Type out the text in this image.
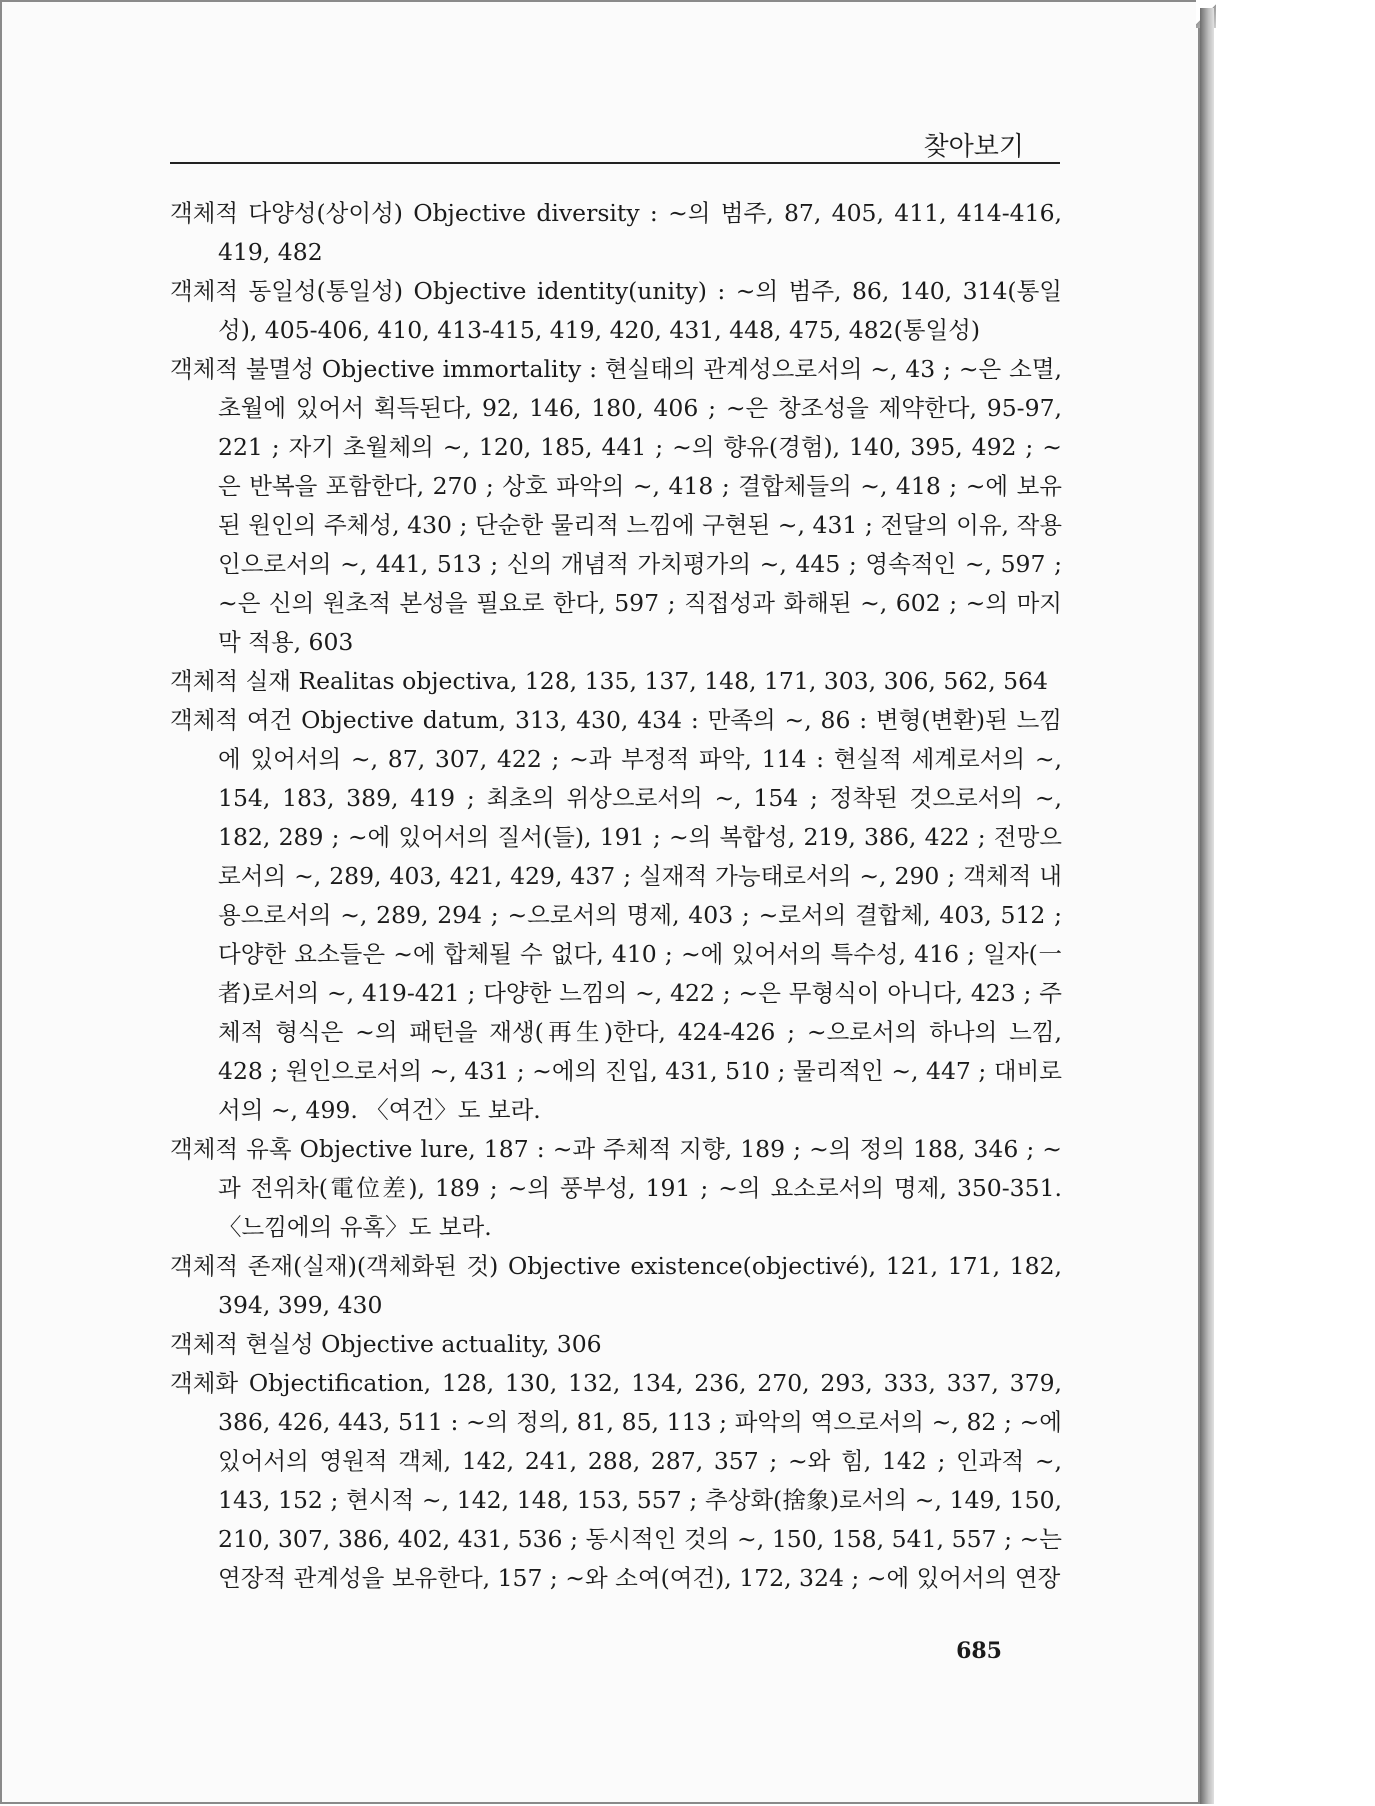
찾아보기

객체적 다양성(상이성) Objective diversity : ∼의 범주, 87, 405, 411, 414-416, 419, 482

객체적 동일성(통일성) Objective identity(unity) : ∼의 범주, 86, 140, 314(통일성), 405-406, 410, 413-415, 419, 420, 431, 448, 475, 482(통일성)

객체적 불멸성 Objective immortality : 현실태의 관계성으로서의 ∼, 43 ; ∼은 소멸, 초월에 있어서 획득된다, 92, 146, 180, 406 ; ∼은 창조성을 제약한다, 95-97, 221 ; 자기 초월체의 ∼, 120, 185, 441 ; ∼의 향유(경험), 140, 395, 492 ; ∼은 반복을 포함한다, 270 ; 상호 파악의 ∼, 418 ; 결합체들의 ∼, 418 ; ∼에 보유된 원인의 주체성, 430 ; 단순한 물리적 느낌에 구현된 ∼, 431 ; 전달의 이유, 작용인으로서의 ∼, 441, 513 ; 신의 개념적 가치평가의 ∼, 445 ; 영속적인 ∼, 597 ; ∼은 신의 원초적 본성을 필요로 한다, 597 ; 직접성과 화해된 ∼, 602 ; ∼의 마지막 적용, 603

객체적 실재 Realitas objectiva, 128, 135, 137, 148, 171, 303, 306, 562, 564

객체적 여건 Objective datum, 313, 430, 434 : 만족의 ∼, 86 : 변형(변환)된 느낌에 있어서의 ∼, 87, 307, 422 ; ∼과 부정적 파악, 114 : 현실적 세계로서의 ∼, 154, 183, 389, 419 ; 최초의 위상으로서의 ∼, 154 ; 정착된 것으로서의 ∼, 182, 289 ; ∼에 있어서의 질서(들), 191 ; ∼의 복합성, 219, 386, 422 ; 전망으로서의 ∼, 289, 403, 421, 429, 437 ; 실재적 가능태로서의 ∼, 290 ; 객체적 내용으로서의 ∼, 289, 294 ; ∼으로서의 명제, 403 ; ∼로서의 결합체, 403, 512 ; 다양한 요소들은 ∼에 합체될 수 없다, 410 ; ∼에 있어서의 특수성, 416 ; 일자(一者)로서의 ∼, 419-421 ; 다양한 느낌의 ∼, 422 ; ∼은 무형식이 아니다, 423 ; 주체적 형식은 ∼의 패턴을 재생(再生)한다, 424-426 ; ∼으로서의 하나의 느낌, 428 ; 원인으로서의 ∼, 431 ; ∼에의 진입, 431, 510 ; 물리적인 ∼, 447 ; 대비로서의 ∼, 499. 〈여건〉도 보라.

객체적 유혹 Objective lure, 187 : ∼과 주체적 지향, 189 ; ∼의 정의 188, 346 ; ∼과 전위차(電位差), 189 ; ∼의 풍부성, 191 ; ∼의 요소로서의 명제, 350-351. 〈느낌에의 유혹〉도 보라.

객체적 존재(실재)(객체화된 것) Objective existence(objectivé), 121, 171, 182, 394, 399, 430

객체적 현실성 Objective actuality, 306

객체화 Objectification, 128, 130, 132, 134, 236, 270, 293, 333, 337, 379, 386, 426, 443, 511 : ∼의 정의, 81, 85, 113 ; 파악의 역으로서의 ∼, 82 ; ∼에 있어서의 영원적 객체, 142, 241, 288, 287, 357 ; ∼와 힘, 142 ; 인과적 ∼, 143, 152 ; 현시적 ∼, 142, 148, 153, 557 ; 추상화(捨象)로서의 ∼, 149, 150, 210, 307, 386, 402, 431, 536 ; 동시적인 것의 ∼, 150, 158, 541, 557 ; ∼는 연장적 관계성을 보유한다, 157 ; ∼와 소여(여건), 172, 324 ; ∼에 있어서의 연장

685
